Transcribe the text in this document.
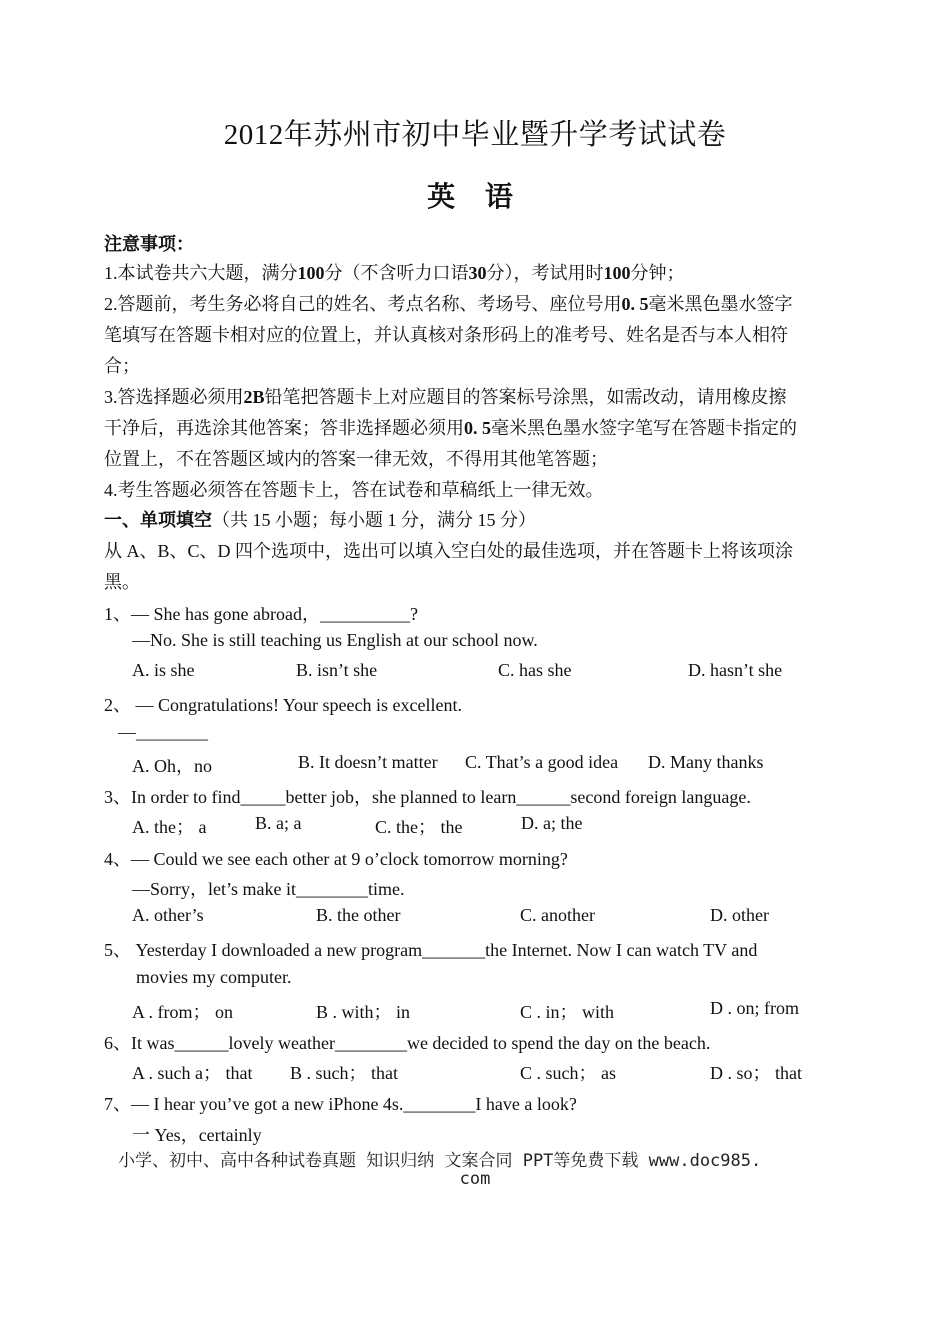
2012年苏州市初中毕业暨升学考试试卷
英 语
注意事项：
1.本试卷共六大题，满分100分（不含听力口语30分），考试用时100分钟；
2.答题前，考生务必将自己的姓名、考点名称、考场号、座位号用0. 5毫米黑色墨水签字
笔填写在答题卡相对应的位置上，并认真核对条形码上的准考号、姓名是否与本人相符
合；
3.答选择题必须用2B铅笔把答题卡上对应题目的答案标号涂黑，如需改动，请用橡皮擦
干净后，再选涂其他答案；答非选择题必须用0. 5毫米黑色墨水签字笔写在答题卡指定的
位置上，不在答题区域内的答案一律无效，不得用其他笔答题；
4.考生答题必须答在答题卡上，答在试卷和草稿纸上一律无效。
一、单项填空（共 15 小题；每小题 1 分，满分 15 分）
从 A、B、C、D 四个选项中，选出可以填入空白处的最佳选项，并在答题卡上将该项涂
黑。
1、— She has gone abroad，__________?
—No. She is still teaching us English at our school now.
A. is she	B. isn’t she	C. has she	D. hasn’t she
2、 — Congratulations! Your speech is excellent.
—________
A. Oh，no	B. It doesn’t matter C. That’s a good idea D. Many thanks
3、In order to find_____better job，she planned to learn______second foreign language.
A. the； a	B. a; a	C. the； the	D. a; the
4、— Could we see each other at 9 o’clock tomorrow morning?
—Sorry，let’s make it________time.
A. other’s	B. the other	C. another	D. other
5、 Yesterday I downloaded a new program_______the Internet. Now I can watch TV and
movies my computer.
A . from； on	B . with； in	C . in； with	D . on; from
6、It was______lovely weather________we decided to spend the day on the beach.
A . such a； that B . such； that	C . such； as	D . so； that
7、— I hear you’ve got a new iPhone 4s.________I have a look?
一 Yes，certainly
小学、初中、高中各种试卷真题 知识归纳 文案合同 PPT等免费下载 www.doc985.
com
